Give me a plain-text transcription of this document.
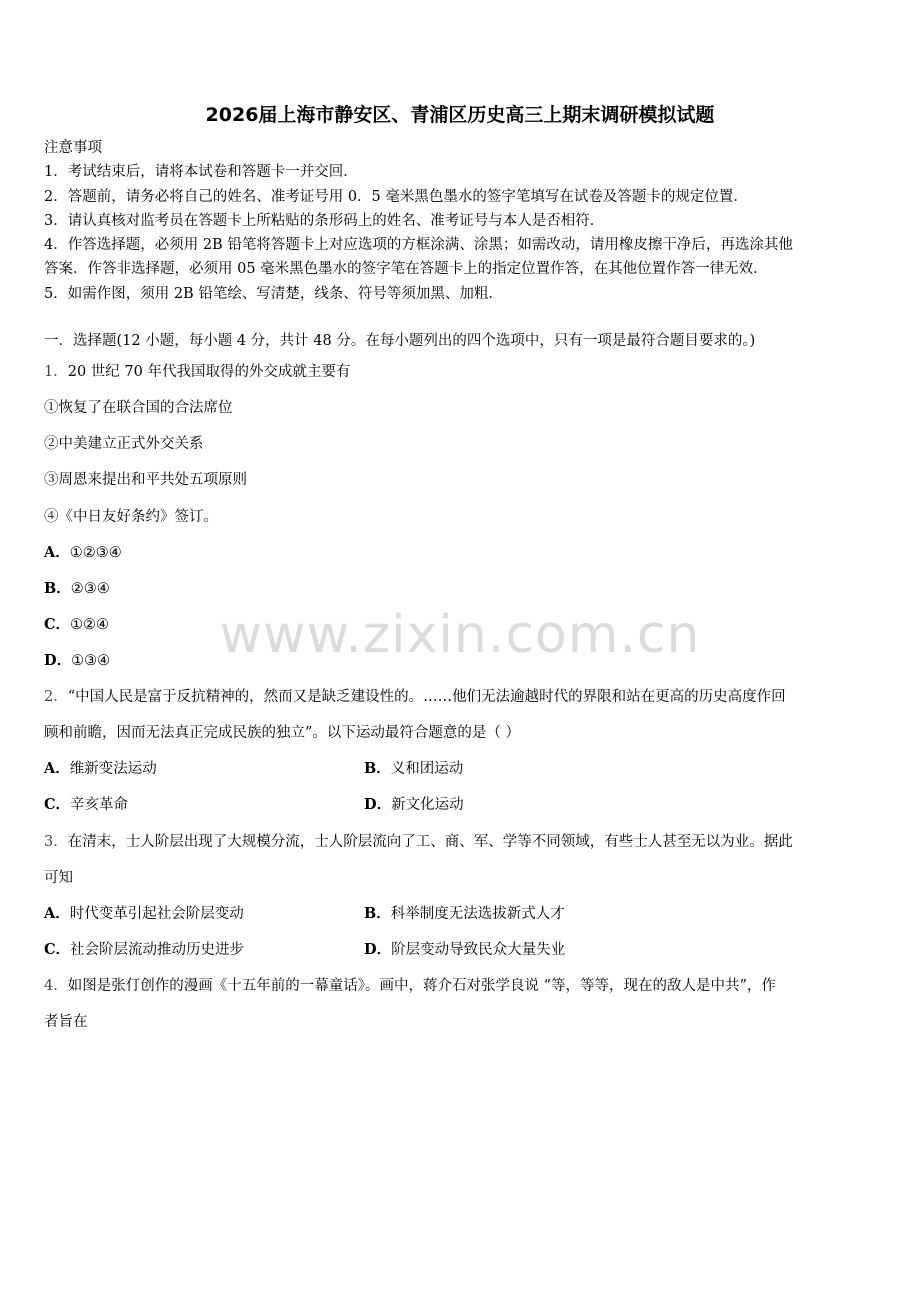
2026届上海市静安区、青浦区历史高三上期末调研模拟试题
注意事项
1．考试结束后，请将本试卷和答题卡一并交回．
2．答题前，请务必将自己的姓名、准考证号用 0．5 毫米黑色墨水的签字笔填写在试卷及答题卡的规定位置．
3．请认真核对监考员在答题卡上所粘贴的条形码上的姓名、准考证号与本人是否相符．
4．作答选择题，必须用 2B 铅笔将答题卡上对应选项的方框涂满、涂黑；如需改动，请用橡皮擦干净后，再选涂其他
答案．作答非选择题，必须用 05 毫米黑色墨水的签字笔在答题卡上的指定位置作答，在其他位置作答一律无效．
5．如需作图，须用 2B 铅笔绘、写清楚，线条、符号等须加黑、加粗．
一．选择题(12 小题，每小题 4 分，共计 48 分。在每小题列出的四个选项中，只有一项是最符合题目要求的。)
1．20 世纪 70 年代我国取得的外交成就主要有
①恢复了在联合国的合法席位
②中美建立正式外交关系
③周恩来提出和平共处五项原则
④《中日友好条约》签订。
A．①②③④
B．②③④
C．①②④
D．①③④
2．“中国人民是富于反抗精神的，然而又是缺乏建设性的。……他们无法逾越时代的界限和站在更高的历史高度作回
顾和前瞻，因而无法真正完成民族的独立”。以下运动最符合题意的是（ ）
A．维新变法运动	B．义和团运动
C．辛亥革命	D．新文化运动
3．在清末，士人阶层出现了大规模分流，士人阶层流向了工、商、军、学等不同领域，有些士人甚至无以为业。据此
可知
A．时代变革引起社会阶层变动	B．科举制度无法选拔新式人才
C．社会阶层流动推动历史进步	D．阶层变动导致民众大量失业
4．如图是张仃创作的漫画《十五年前的一幕童话》。画中，蒋介石对张学良说 “等，等等，现在的敌人是中共”，作
者旨在
www.zixin.com.cn
